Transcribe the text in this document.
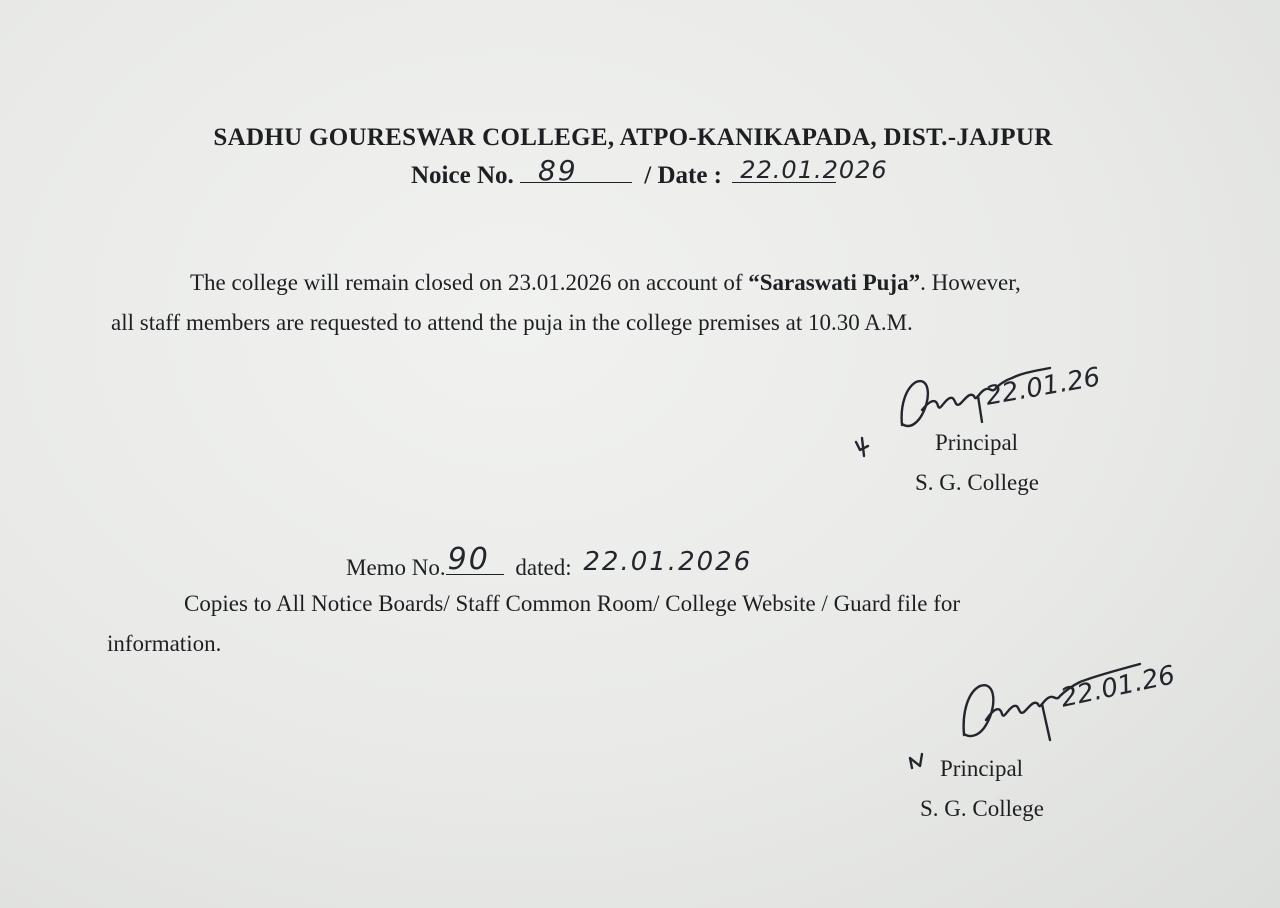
SADHU GOURESWAR COLLEGE, ATPO-KANIKAPADA, DIST.-JAJPUR
Noice No. 89	/ Date : 22.01.2026
The college will remain closed on 23.01.2026 on account of “Saraswati Puja”. However,
all staff members are requested to attend the puja in the college premises at 10.30 A.M.
22.01.26
Principal
S. G. College
Memo No. 90 dated: 22.01.2026
Copies to All Notice Boards/ Staff Common Room/ College Website / Guard file for
information.
22.01.26
Principal
S. G. College
